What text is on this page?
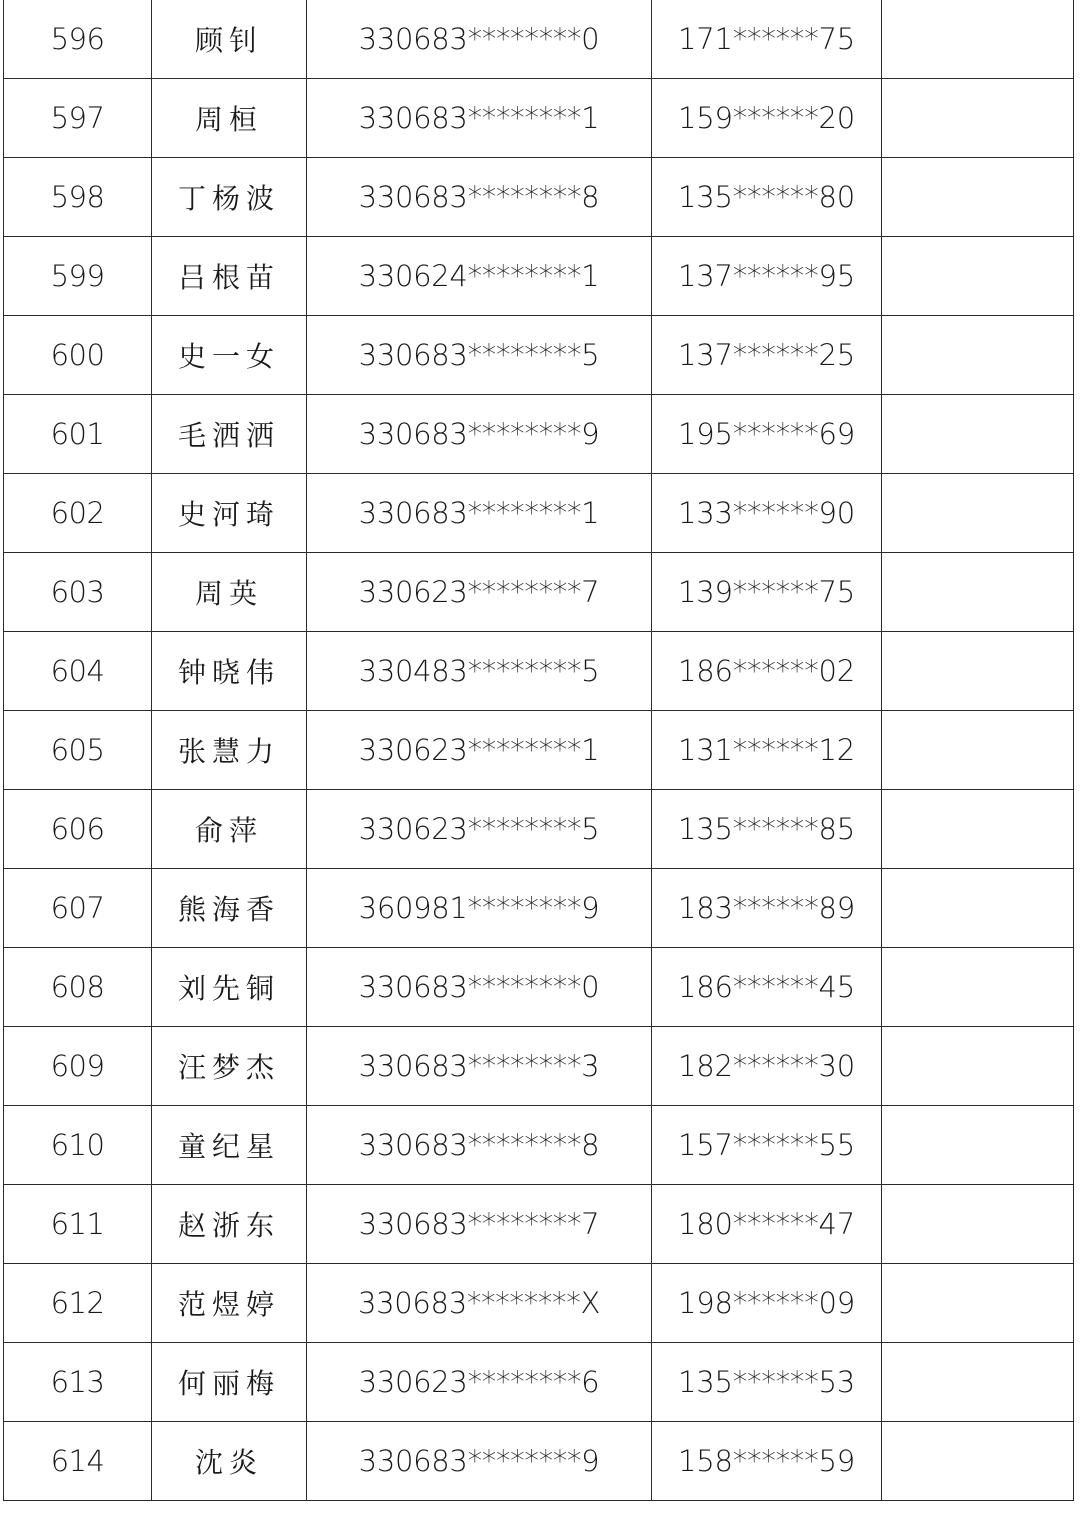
596	顾钊	330683********0	171******75	
597	周桓	330683********1	159******20	
598	丁杨波	330683********8	135******80	
599	吕根苗	330624********1	137******95	
600	史一女	330683********5	137******25	
601	毛洒洒	330683********9	195******69	
602	史河琦	330683********1	133******90	
603	周英	330623********7	139******75	
604	钟晓伟	330483********5	186******02	
605	张慧力	330623********1	131******12	
606	俞萍	330623********5	135******85	
607	熊海香	360981********9	183******89	
608	刘先铜	330683********0	186******45	
609	汪梦杰	330683********3	182******30	
610	童纪星	330683********8	157******55	
611	赵浙东	330683********7	180******47	
612	范煜婷	330683********X	198******09	
613	何丽梅	330623********6	135******53	
614	沈炎	330683********9	158******59	
